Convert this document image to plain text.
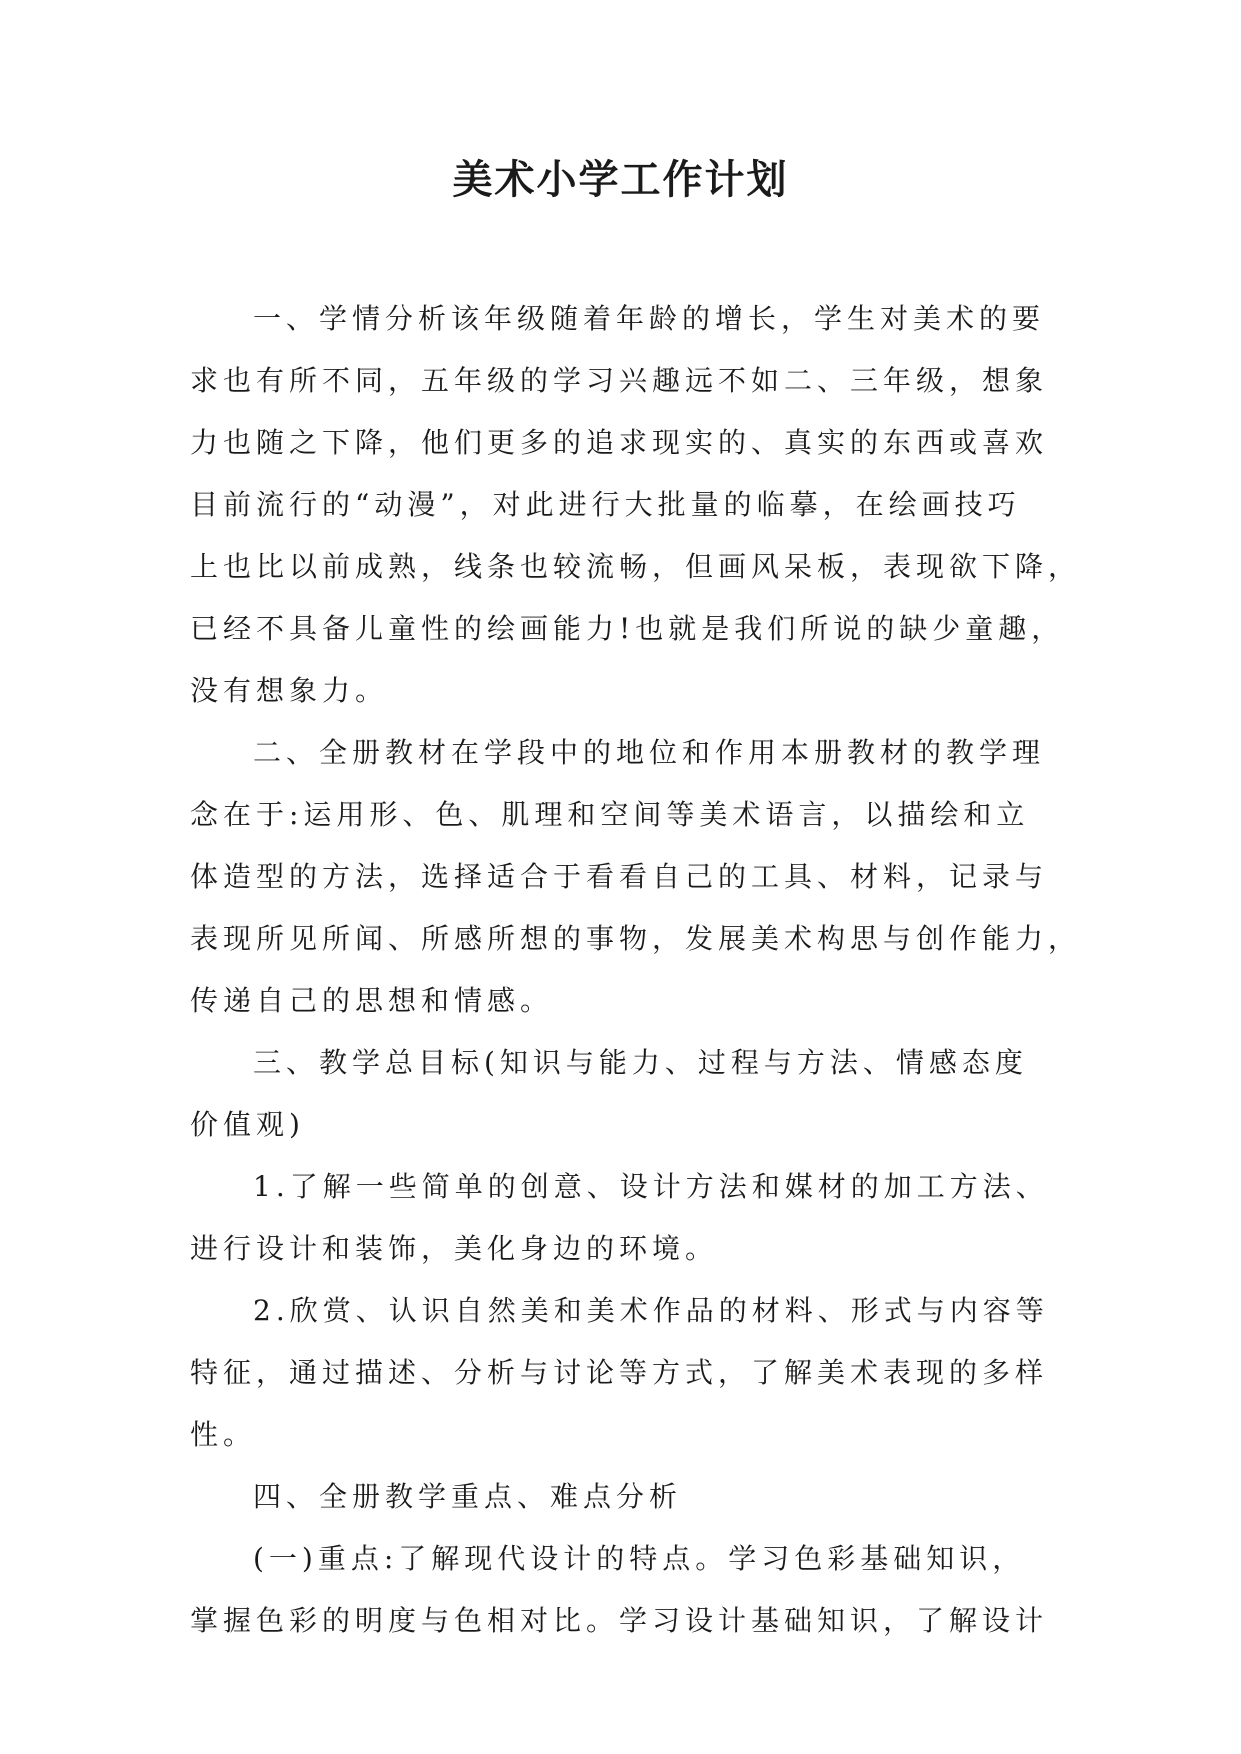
美术小学工作计划
一、学情分析该年级随着年龄的增长，学生对美术的要
求也有所不同，五年级的学习兴趣远不如二、三年级，想象
力也随之下降，他们更多的追求现实的、真实的东西或喜欢
目前流行的“动漫”，对此进行大批量的临摹，在绘画技巧
上也比以前成熟，线条也较流畅，但画风呆板，表现欲下降，
已经不具备儿童性的绘画能力!也就是我们所说的缺少童趣，
没有想象力。
二、全册教材在学段中的地位和作用本册教材的教学理
念在于:运用形、色、肌理和空间等美术语言，以描绘和立
体造型的方法，选择适合于看看自己的工具、材料，记录与
表现所见所闻、所感所想的事物，发展美术构思与创作能力，
传递自己的思想和情感。
三、教学总目标(知识与能力、过程与方法、情感态度
价值观)
1.了解一些简单的创意、设计方法和媒材的加工方法、
进行设计和装饰，美化身边的环境。
2.欣赏、认识自然美和美术作品的材料、形式与内容等
特征，通过描述、分析与讨论等方式，了解美术表现的多样
性。
四、全册教学重点、难点分析
(一)重点:了解现代设计的特点。学习色彩基础知识，
掌握色彩的明度与色相对比。学习设计基础知识，了解设计
